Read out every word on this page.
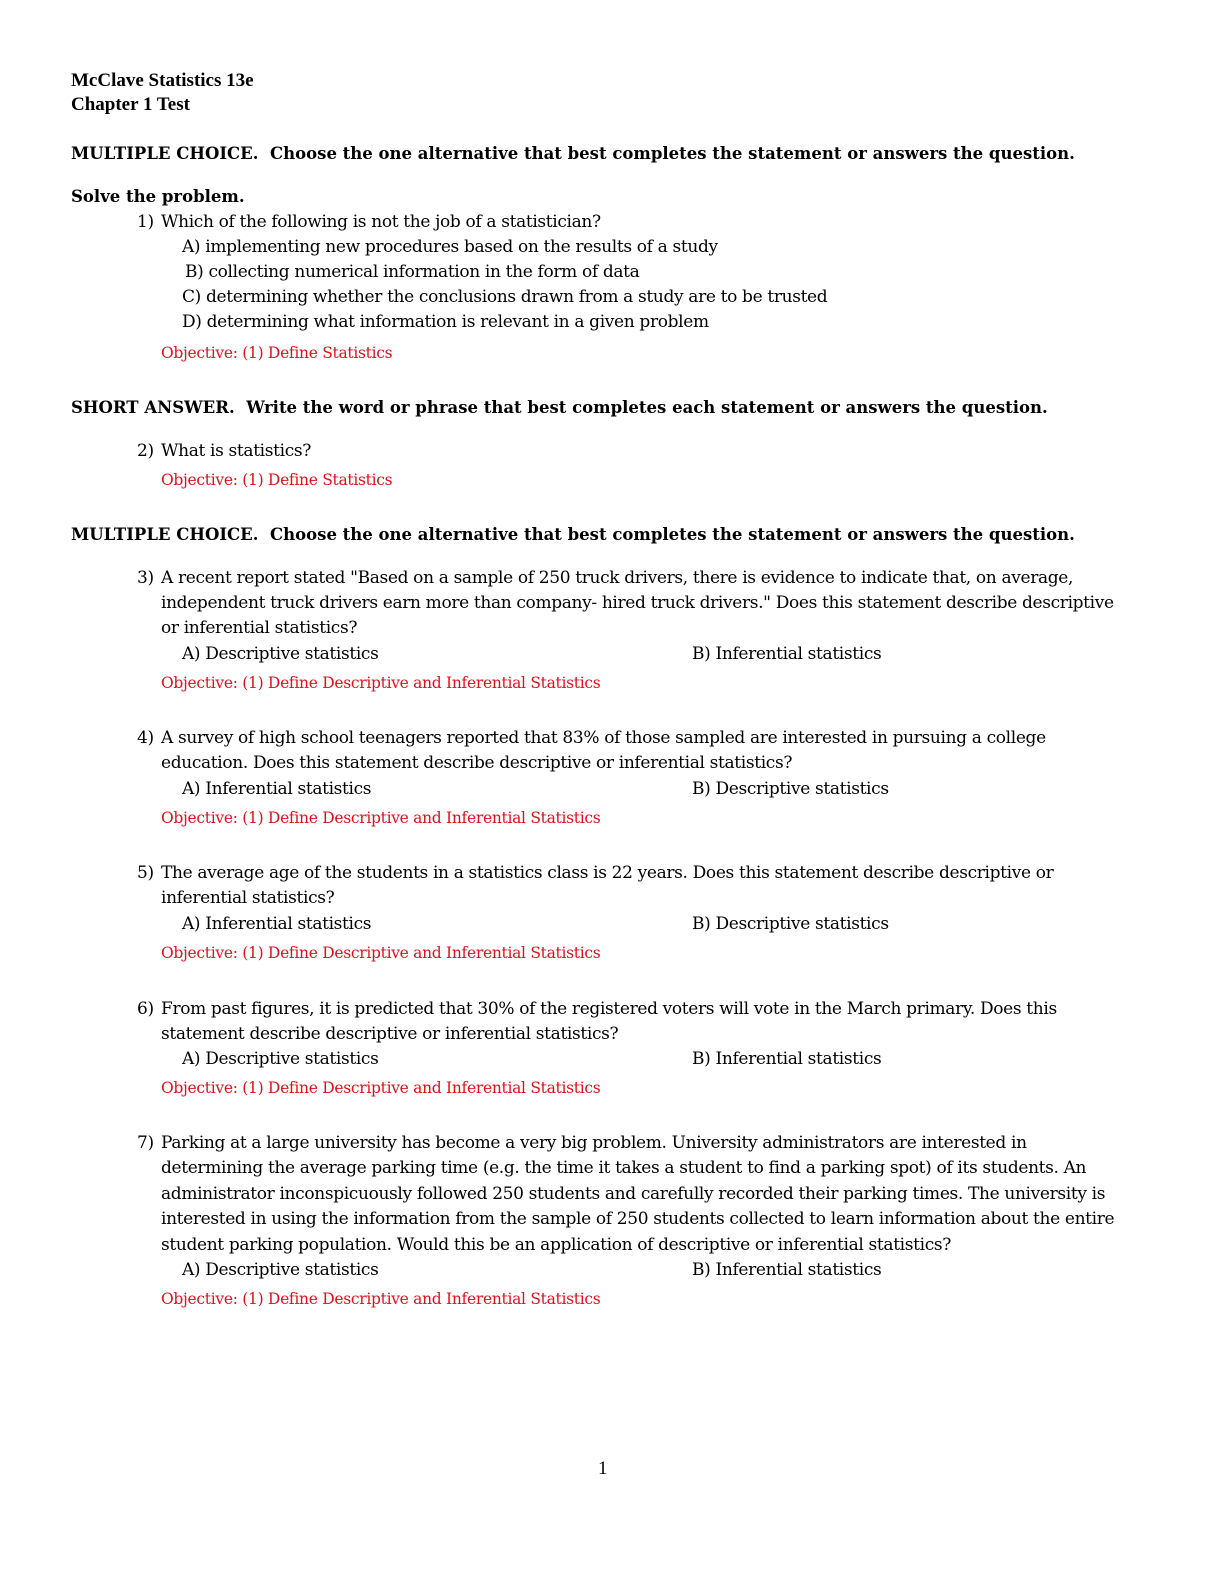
McClave Statistics 13e
Chapter 1 Test
MULTIPLE CHOICE. Choose the one alternative that best completes the statement or answers the question.
Solve the problem.
1) Which of the following is not the job of a statistician?
A) implementing new procedures based on the results of a study
B) collecting numerical information in the form of data
C) determining whether the conclusions drawn from a study are to be trusted
D) determining what information is relevant in a given problem
Objective: (1) Define Statistics
SHORT ANSWER. Write the word or phrase that best completes each statement or answers the question.
2) What is statistics?
Objective: (1) Define Statistics
MULTIPLE CHOICE. Choose the one alternative that best completes the statement or answers the question.
3) A recent report stated "Based on a sample of 250 truck drivers, there is evidence to indicate that, on average,
independent truck drivers earn more than company- hired truck drivers." Does this statement describe descriptive
or inferential statistics?
A) Descriptive statistics	B) Inferential statistics
Objective: (1) Define Descriptive and Inferential Statistics
4) A survey of high school teenagers reported that 83% of those sampled are interested in pursuing a college
education. Does this statement describe descriptive or inferential statistics?
A) Inferential statistics	B) Descriptive statistics
Objective: (1) Define Descriptive and Inferential Statistics
5) The average age of the students in a statistics class is 22 years. Does this statement describe descriptive or
inferential statistics?
A) Inferential statistics	B) Descriptive statistics
Objective: (1) Define Descriptive and Inferential Statistics
6) From past figures, it is predicted that 30% of the registered voters will vote in the March primary. Does this
statement describe descriptive or inferential statistics?
A) Descriptive statistics	B) Inferential statistics
Objective: (1) Define Descriptive and Inferential Statistics
7) Parking at a large university has become a very big problem. University administrators are interested in
determining the average parking time (e.g. the time it takes a student to find a parking spot) of its students. An
administrator inconspicuously followed 250 students and carefully recorded their parking times. The university is
interested in using the information from the sample of 250 students collected to learn information about the entire
student parking population. Would this be an application of descriptive or inferential statistics?
A) Descriptive statistics	B) Inferential statistics
Objective: (1) Define Descriptive and Inferential Statistics
1
